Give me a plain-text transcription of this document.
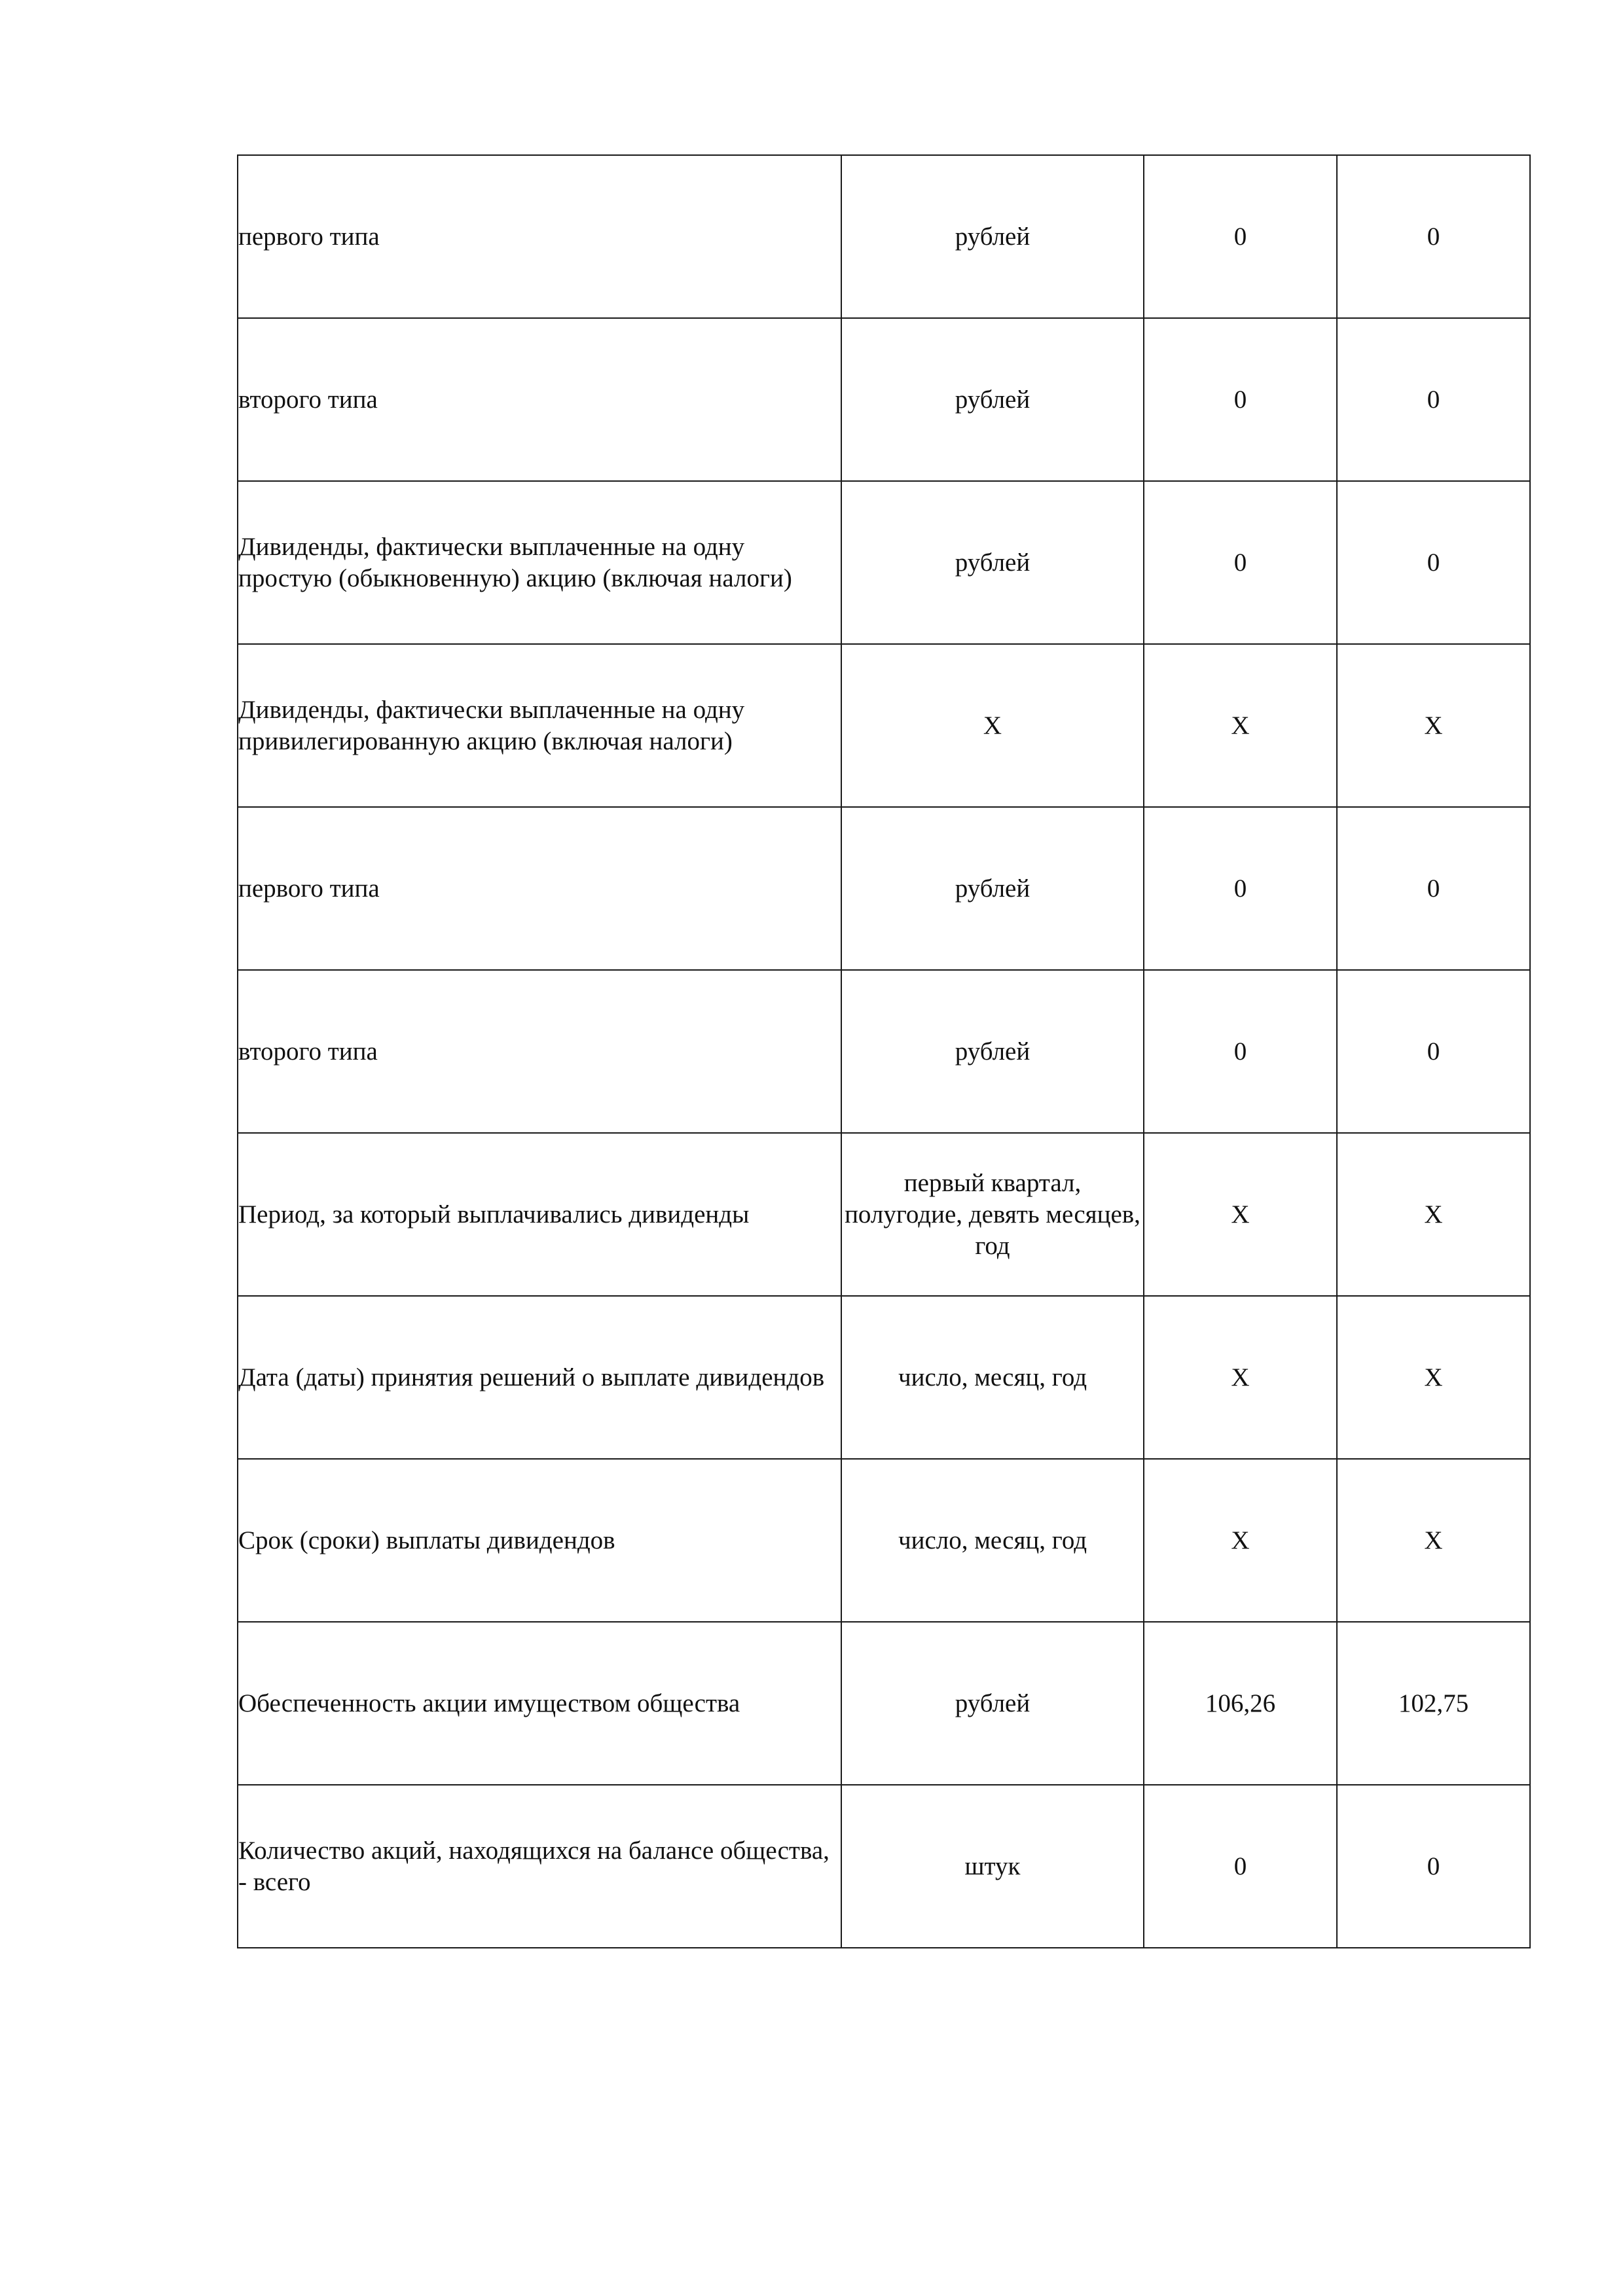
первого типа	рублей	0	0
второго типа	рублей	0	0
Дивиденды, фактически выплаченные на одну простую (обыкновенную) акцию (включая налоги)	рублей	0	0
Дивиденды, фактически выплаченные на одну привилегированную акцию (включая налоги)	X	X	X
первого типа	рублей	0	0
второго типа	рублей	0	0
Период, за который выплачивались дивиденды	первый квартал, полугодие, девять месяцев, год	X	X
Дата (даты) принятия решений о выплате дивидендов	число, месяц, год	X	X
Срок (сроки) выплаты дивидендов	число, месяц, год	X	X
Обеспеченность акции имуществом общества	рублей	106,26	102,75
Количество акций, находящихся на балансе общества, - всего	штук	0	0
